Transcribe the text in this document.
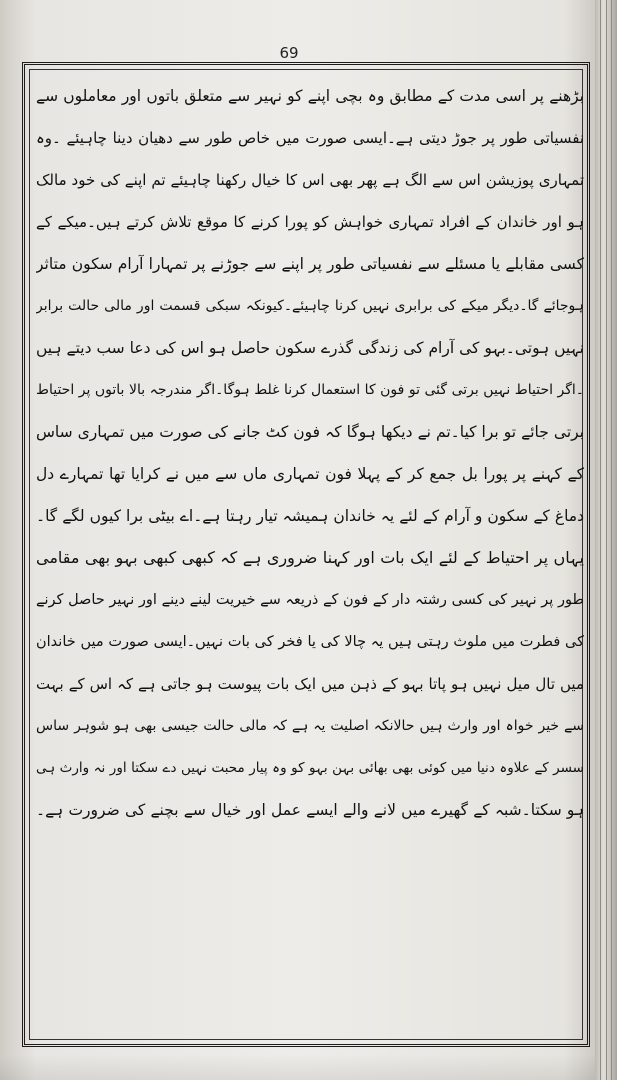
69

بڑھنے پر اسی مدت کے مطابق وہ بچی اپنے کو نہیر سے متعلق باتوں اور معاملوں سے

نفسیاتی طور پر جوڑ دیتی ہے۔ایسی صورت میں خاص طور سے دھیان دینا چاہیئے ۔وہ

تمہاری پوزیشن اس سے الگ ہے پھر بھی اس کا خیال رکھنا چاہیئے تم اپنے کی خود مالک

ہو اور خاندان کے افراد تمہاری خواہش کو پورا کرنے کا موقع تلاش کرتے ہیں۔میکے کے

کسی مقابلے یا مسئلے سے نفسیاتی طور پر اپنے سے جوڑنے پر تمہارا آرام سکون متاثر

ہوجائے گا۔دیگر میکے کی برابری نہیں کرنا چاہیئے۔کیونکہ سبکی قسمت اور مالی حالت برابر

نہیں ہوتی۔بہو کی آرام کی زندگی گذرے سکون حاصل ہو اس کی دعا سب دیتے ہیں

۔اگر احتیاط نہیں برتی گئی تو فون کا استعمال کرنا غلط ہوگا۔اگر مندرجہ بالا باتوں پر احتیاط

برتی جائے تو برا کیا۔تم نے دیکھا ہوگا کہ فون کٹ جانے کی صورت میں تمہاری ساس

کے کہنے پر پورا بل جمع کر کے پہلا فون تمہاری ماں سے میں نے کرایا تھا تمہارے دل

دماغ کے سکون و آرام کے لئے یہ خاندان ہمیشہ تیار رہتا ہے۔اے بیٹی برا کیوں لگے گا۔

یہاں پر احتیاط کے لئے ایک بات اور کہنا ضروری ہے کہ کبھی کبھی بہو بھی مقامی

طور پر نہیر کی کسی رشتہ دار کے فون کے ذریعہ سے خیریت لینے دینے اور نہیر حاصل کرنے

کی فطرت میں ملوث رہتی ہیں یہ چالا کی یا فخر کی بات نہیں۔ایسی صورت میں خاندان

میں تال میل نہیں ہو پاتا بہو کے ذہن میں ایک بات پیوست ہو جاتی ہے کہ اس کے بہت

سے خیر خواہ اور وارث ہیں حالانکہ اصلیت یہ ہے کہ مالی حالت جیسی بھی ہو شوہر ساس

سسر کے علاوہ دنیا میں کوئی بھی بھائی بہن بہو کو وہ پیار محبت نہیں دے سکتا اور نہ وارث ہی

ہو سکتا۔شبہ کے گھیرے میں لانے والے ایسے عمل اور خیال سے بچنے کی ضرورت ہے۔
